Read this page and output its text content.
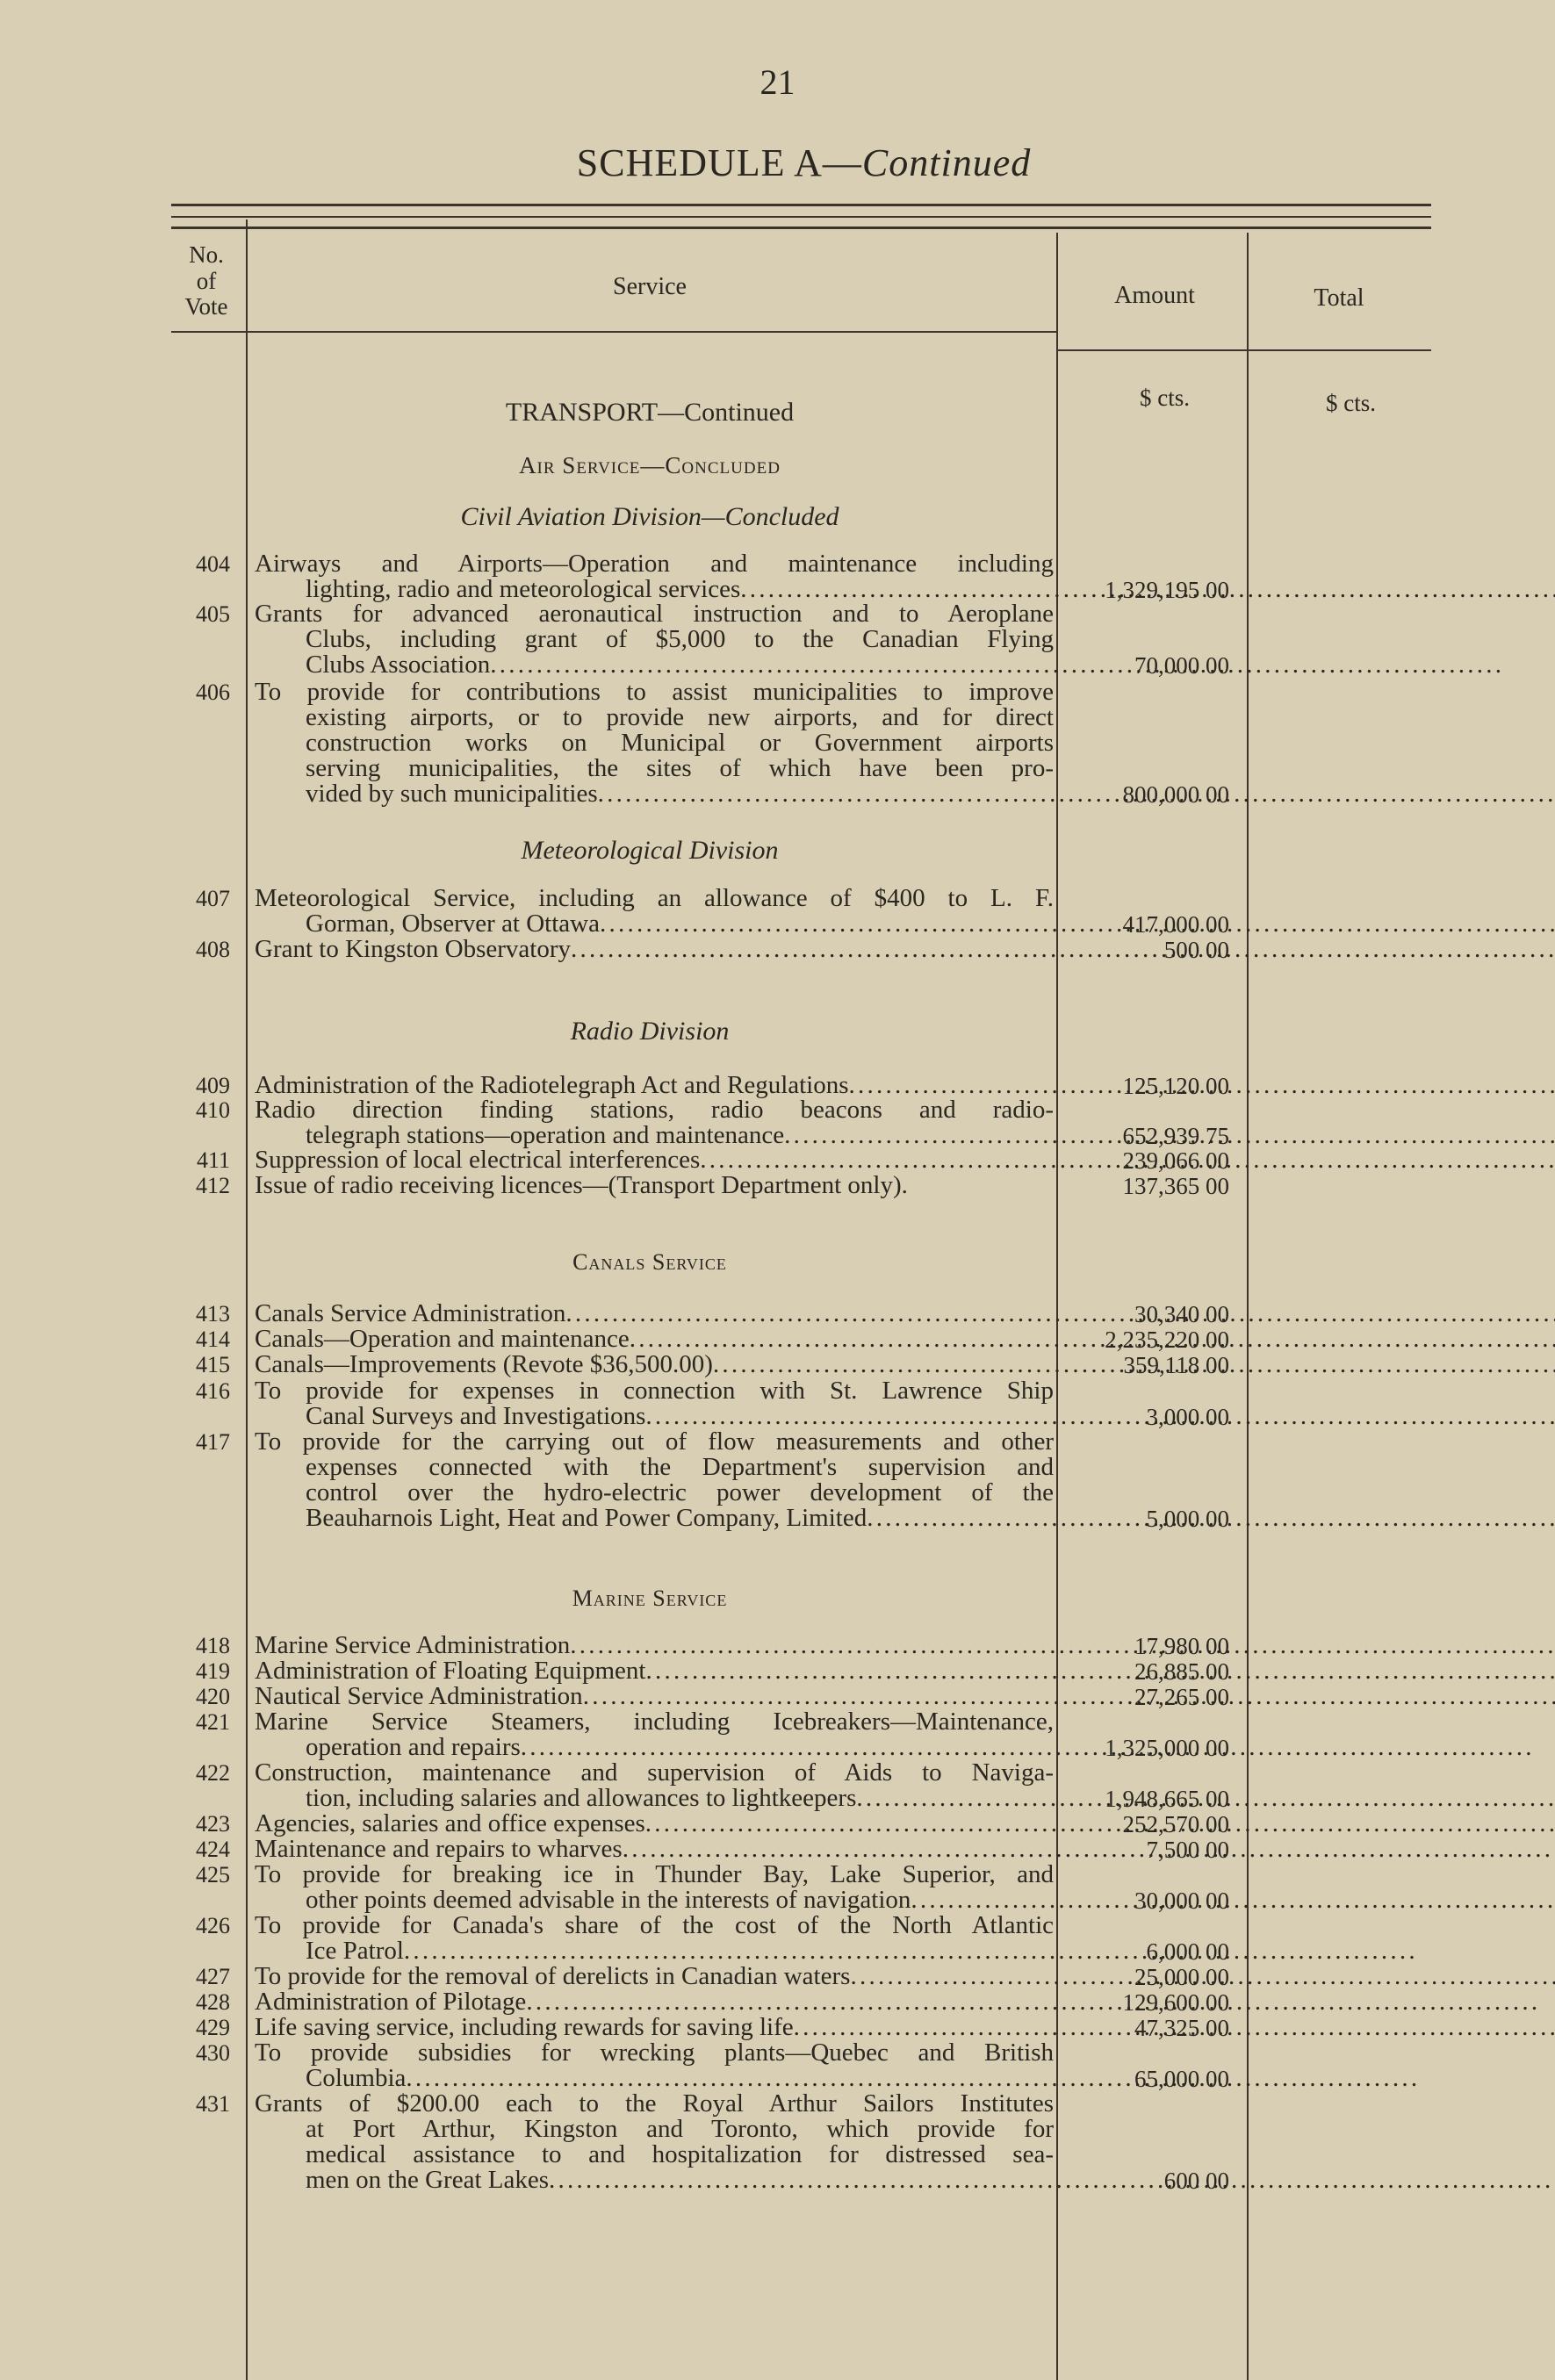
21
SCHEDULE A—Continued
No.
of
Vote
Service	Amount	Total
$ cts.	$ cts.
TRANSPORT—Continued
Air Service—Concluded
Civil Aviation Division—Concluded
Meteorological Division
Radio Division
Canals Service
Marine Service
404 Airways and Airports—Operation and maintenance including
lighting, radio and meteorological services . . .	1,329,195 00
405 Grants for advanced aeronautical instruction and to Aeroplane
Clubs, including grant of $5,000 to the Canadian Flying
Clubs Association . . .	70,000 00
406 To provide for contributions to assist municipalities to improve
existing airports, or to provide new airports, and for direct
construction works on Municipal or Government airports
serving municipalities, the sites of which have been pro-
vided by such municipalities . . .	800,000 00
407 Meteorological Service, including an allowance of $400 to L. F.
Gorman, Observer at Ottawa . . .	417,000 00
408 Grant to Kingston Observatory . . .	500 00
409 Administration of the Radiotelegraph Act and Regulations . . .	125,120 00
410 Radio direction finding stations, radio beacons and radio-
telegraph stations—operation and maintenance . . .	652,939 75
411 Suppression of local electrical interferences . . .	239,066 00
412 Issue of radio receiving licences—(Transport Department only).	137,365 00
413 Canals Service Administration . . .	30,340 00
414 Canals—Operation and maintenance . . .	2,235,220 00
415 Canals—Improvements (Revote $36,500.00) . . .	359,118 00
416 To provide for expenses in connection with St. Lawrence Ship
Canal Surveys and Investigations . . .	3,000 00
417 To provide for the carrying out of flow measurements and other
expenses connected with the Department's supervision and
control over the hydro-electric power development of the
Beauharnois Light, Heat and Power Company, Limited . . .	5,000 00
418 Marine Service Administration . . .	17,980 00
419 Administration of Floating Equipment . . .	26,885 00
420 Nautical Service Administration . . .	27,265 00
421 Marine Service Steamers, including Icebreakers—Maintenance,
operation and repairs . . .	1,325,000 00
422 Construction, maintenance and supervision of Aids to Naviga-
tion, including salaries and allowances to lightkeepers . . .	1,948,665 00
423 Agencies, salaries and office expenses . . .	252,570 00
424 Maintenance and repairs to wharves . . .	7,500 00
425 To provide for breaking ice in Thunder Bay, Lake Superior, and
other points deemed advisable in the interests of navigation . . .	30,000 00
426 To provide for Canada's share of the cost of the North Atlantic
Ice Patrol . . .	6,000 00
427 To provide for the removal of derelicts in Canadian waters . . .	25,000 00
428 Administration of Pilotage . . .	129,600 00
429 Life saving service, including rewards for saving life . . .	47,325 00
430 To provide subsidies for wrecking plants—Quebec and British
Columbia . . .	65,000 00
431 Grants of $200.00 each to the Royal Arthur Sailors Institutes
at Port Arthur, Kingston and Toronto, which provide for
medical assistance to and hospitalization for distressed sea-
men on the Great Lakes . . .	600 00
